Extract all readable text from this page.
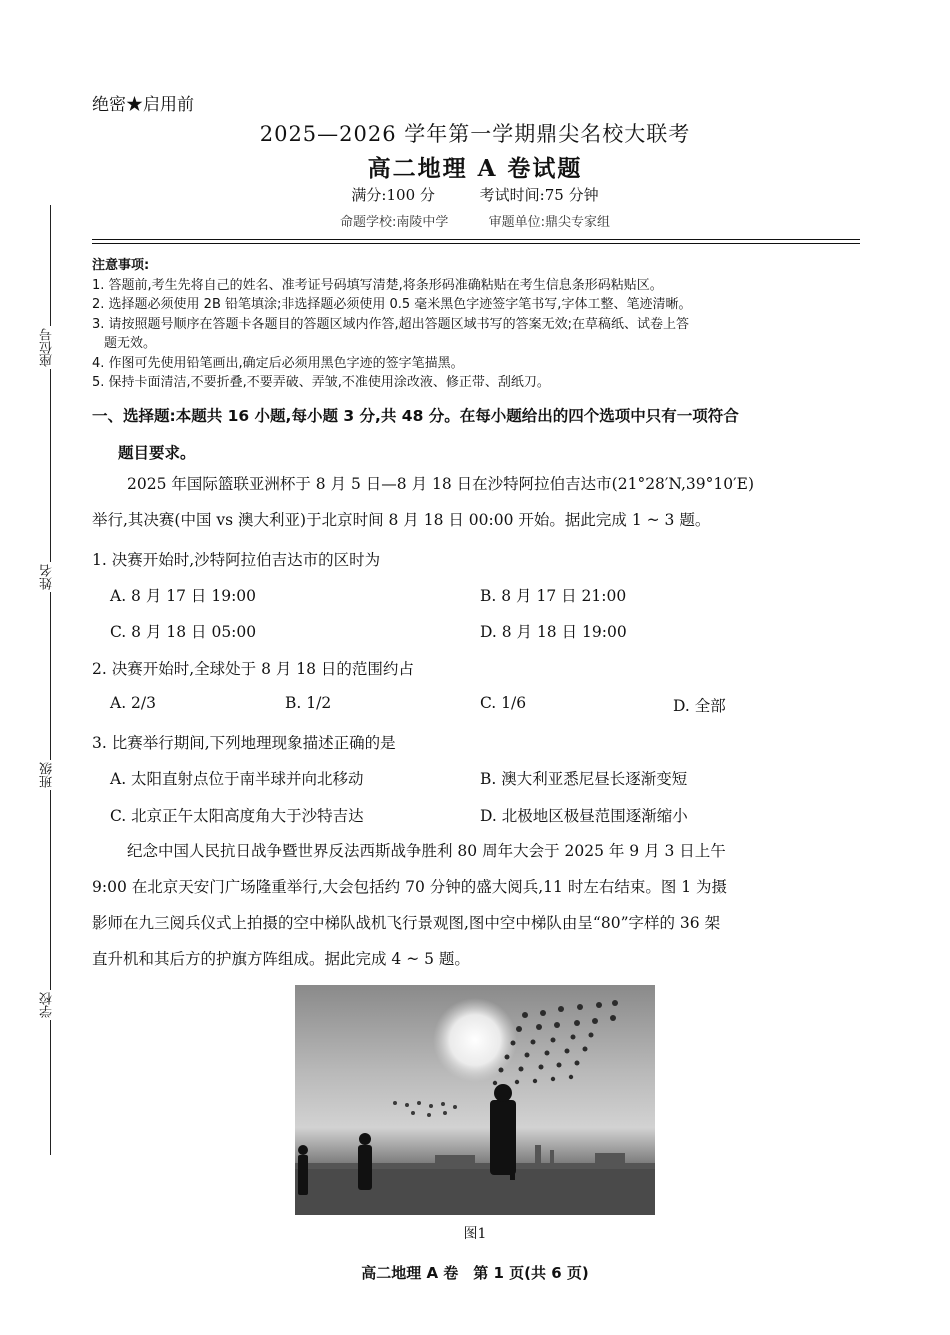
座位号
姓名
班级
学校
绝密★启用前
2025—2026 学年第一学期鼎尖名校大联考
高二地理 A 卷试题
满分:100 分	考试时间:75 分钟
命题学校:南陵中学	审题单位:鼎尖专家组
注意事项:
1. 答题前,考生先将自己的姓名、准考证号码填写清楚,将条形码准确粘贴在考生信息条形码粘贴区。
2. 选择题必须使用 2B 铅笔填涂;非选择题必须使用 0.5 毫米黑色字迹签字笔书写,字体工整、笔迹清晰。
3. 请按照题号顺序在答题卡各题目的答题区域内作答,超出答题区域书写的答案无效;在草稿纸、试卷上答
题无效。
4. 作图可先使用铅笔画出,确定后必须用黑色字迹的签字笔描黑。
5. 保持卡面清洁,不要折叠,不要弄破、弄皱,不准使用涂改液、修正带、刮纸刀。
一、选择题:本题共 16 小题,每小题 3 分,共 48 分。在每小题给出的四个选项中只有一项符合
题目要求。
2025 年国际篮联亚洲杯于 8 月 5 日—8 月 18 日在沙特阿拉伯吉达市(21°28′N,39°10′E)
举行,其决赛(中国 vs 澳大利亚)于北京时间 8 月 18 日 00:00 开始。据此完成 1 ~ 3 题。
1. 决赛开始时,沙特阿拉伯吉达市的区时为
A. 8 月 17 日 19:00	B. 8 月 17 日 21:00
C. 8 月 18 日 05:00	D. 8 月 18 日 19:00
2. 决赛开始时,全球处于 8 月 18 日的范围约占
A. 2/3	B. 1/2	C. 1/6	D. 全部
3. 比赛举行期间,下列地理现象描述正确的是
A. 太阳直射点位于南半球并向北移动	B. 澳大利亚悉尼昼长逐渐变短
C. 北京正午太阳高度角大于沙特吉达	D. 北极地区极昼范围逐渐缩小
纪念中国人民抗日战争暨世界反法西斯战争胜利 80 周年大会于 2025 年 9 月 3 日上午
9:00 在北京天安门广场隆重举行,大会包括约 70 分钟的盛大阅兵,11 时左右结束。图 1 为摄
影师在九三阅兵仪式上拍摄的空中梯队战机飞行景观图,图中空中梯队由呈“80”字样的 36 架
直升机和其后方的护旗方阵组成。据此完成 4 ~ 5 题。
图1
高二地理 A 卷　第 1 页(共 6 页)
